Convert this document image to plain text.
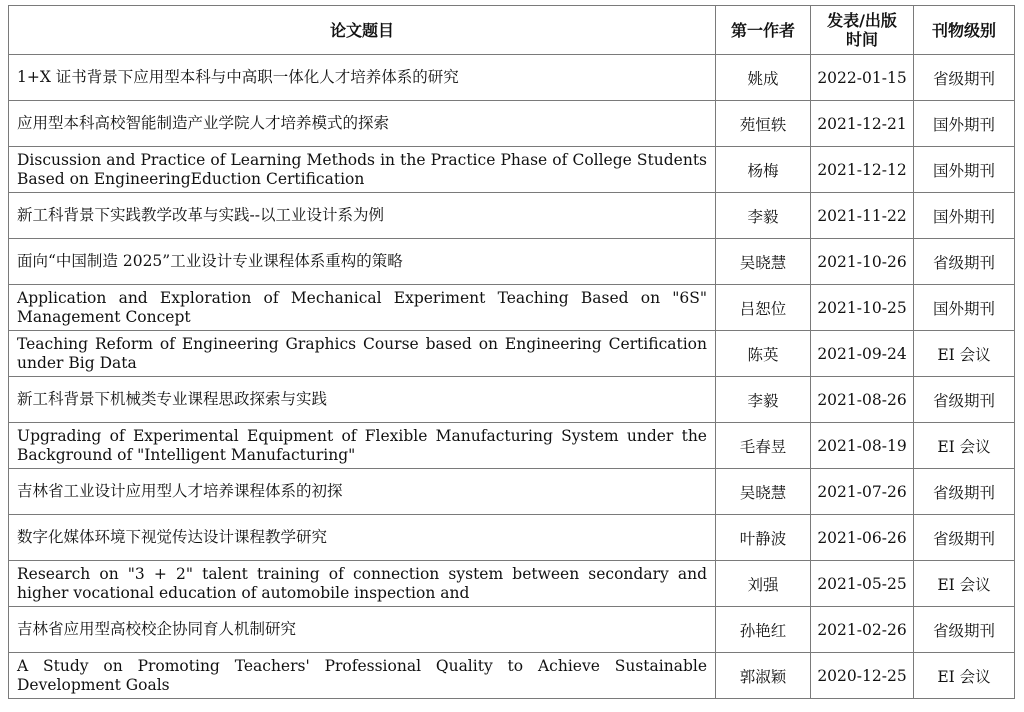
论文题目	第一作者	发表/出版时间	刊物级别
1+X 证书背景下应用型本科与中高职一体化人才培养体系的研究	姚成	2022-01-15	省级期刊
应用型本科高校智能制造产业学院人才培养模式的探索	苑恒轶	2021-12-21	国外期刊
Discussion and Practice of Learning Methods in the Practice Phase of College Students Based on EngineeringEduction Certification	杨梅	2021-12-12	国外期刊
新工科背景下实践教学改革与实践--以工业设计系为例	李毅	2021-11-22	国外期刊
面向“中国制造 2025”工业设计专业课程体系重构的策略	吴晓慧	2021-10-26	省级期刊
Application and Exploration of Mechanical Experiment Teaching Based on "6S" Management Concept	吕恕位	2021-10-25	国外期刊
Teaching Reform of Engineering Graphics Course based on Engineering Certification under Big Data	陈英	2021-09-24	EI 会议
新工科背景下机械类专业课程思政探索与实践	李毅	2021-08-26	省级期刊
Upgrading of Experimental Equipment of Flexible Manufacturing System under the Background of "Intelligent Manufacturing"	毛春昱	2021-08-19	EI 会议
吉林省工业设计应用型人才培养课程体系的初探	吴晓慧	2021-07-26	省级期刊
数字化媒体环境下视觉传达设计课程教学研究	叶静波	2021-06-26	省级期刊
Research on "3 + 2" talent training of connection system between secondary and higher vocational education of automobile inspection and	刘强	2021-05-25	EI 会议
吉林省应用型高校校企协同育人机制研究	孙艳红	2021-02-26	省级期刊
A Study on Promoting Teachers' Professional Quality to Achieve Sustainable Development Goals	郭淑颖	2020-12-25	EI 会议
